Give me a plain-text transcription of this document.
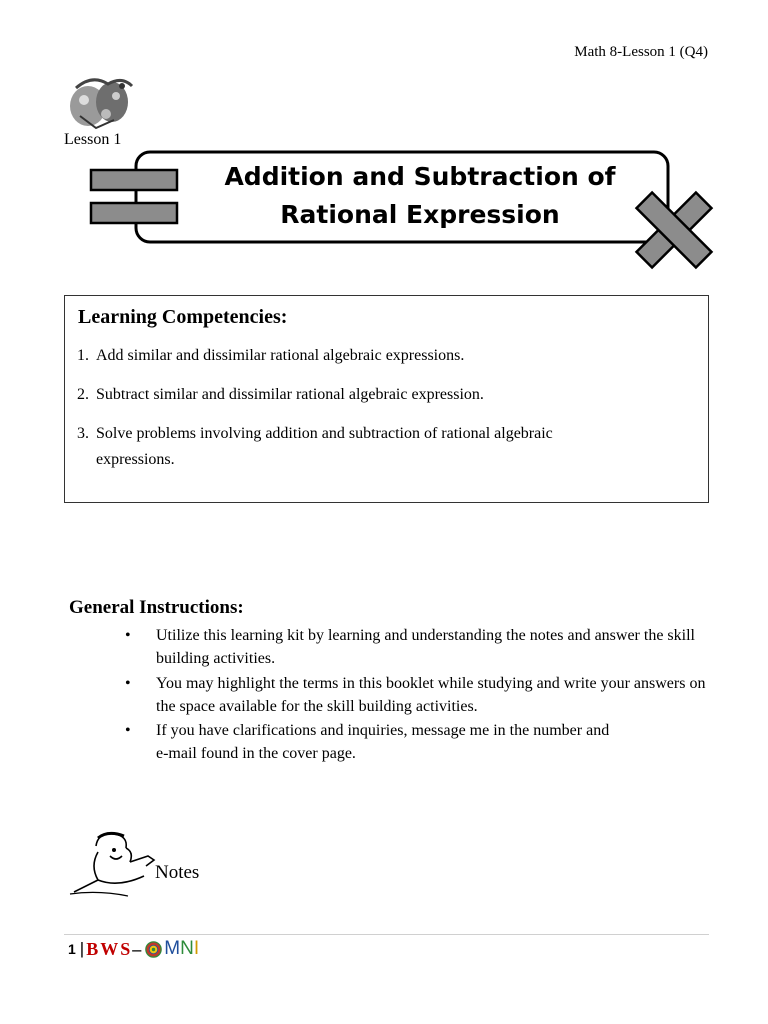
Math 8-Lesson 1 (Q4)
Lesson 1
Addition and Subtraction of
Rational Expression
Learning Competencies:
1. Add similar and dissimilar rational algebraic expressions.
2. Subtract similar and dissimilar rational algebraic expression.
3. Solve problems involving addition and subtraction of rational algebraic expressions.
General Instructions:
•	Utilize this learning kit by learning and understanding the notes and answer the skill building activities.
•	You may highlight the terms in this booklet while studying and write your answers on the space available for the skill building activities.
•	If you have clarifications and inquiries, message me in the number and e-mail found in the cover page.
Notes
1 | BWS – M N I
